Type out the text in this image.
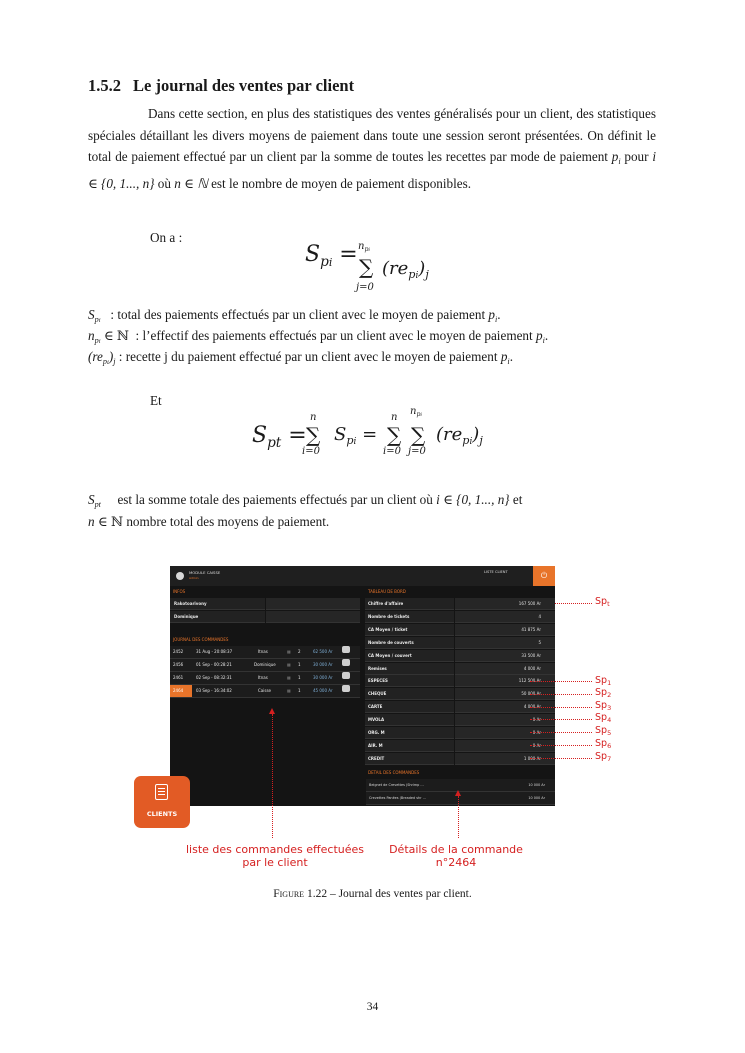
1.5.2 Le journal des ventes par client
Dans cette section, en plus des statistiques des ventes généralisés pour un client, des statistiques spéciales détaillant les divers moyens de paiement dans toute une session seront présentées. On définit le total de paiement effectué par un client par la somme de toutes les recettes par mode de paiement $p_i$ pour i ∈ {0, 1..., n} où n ∈ ℕ est le nombre de moyen de paiement disponibles.
On a :
$S_{pi} = n_{pi}$
∑
j=0
$(re_{pi})_j$
$S_{pi}$   : total des paiements effectués par un client avec le moyen de paiement $p_i$.
$n_{pi}$ ∈ ℕ  : l’effectif des paiements effectués par un client avec le moyen de paiement $p_i$.
$(re_{pi})_j$ : recette j du paiement effectué par un client avec le moyen de paiement $p_i$.
Et
$S_{pt}$ =
n
∑
i=0
$S_{pi}$ =
n
∑
i=0
$n_{pi}$
∑
j=0
$(re_{pi})_j$
$S_{pt}$ est la somme totale des paiements effectués par un client où i ∈ {0, 1..., n} et
n ∈ ℕ nombre total des moyens de paiement.
MODULE CAISSE
Admin
LISTE CLIENT	⏻
INFOS
Rakotoarivony
Dominique
JOURNAL DES COMMANDES
2452	31 Aug - 20:08:37	Itnas	▦ 2	62 500 Ar
2456	01 Sep - 00:28:21	Dominique	▦ 1	30 000 Ar
2461	02 Sep - 08:32:31	Itnas	▦ 1	30 000 Ar
2464	03 Sep - 16:34:02	Caisse	▦ 1	45 000 Ar
TABLEAU DE BORD
Chiffre d'affaire	167 500 Ar
Nombre de tickets	4
CA Moyen / ticket	41 875 Ar
Nombre de couverts	5
CA Moyen / couvert	33 500 Ar
Remises	4 000 Ar
ESPECES	112 500 Ar
CHEQUE	50 000 Ar
CARTE	4 000 Ar
MVOLA	0 Ar
ORG. M	0 Ar
AIR. M	0 Ar
CREDIT	1 000 Ar
DETAIL DES COMMANDES
Beignet de Crevettes (Shrimp ...	10 000 Ar
Crevettes Panées (Breaded shr ...	10 000 Ar
CLIENTS
$Sp_t$
$Sp_1$
$Sp_2$
$Sp_3$
$Sp_4$
$Sp_5$
$Sp_6$
$Sp_7$
liste des commandes effectuées
par le client
Détails de la commande
n°2464
Figure 1.22 – Journal des ventes par client.
34
